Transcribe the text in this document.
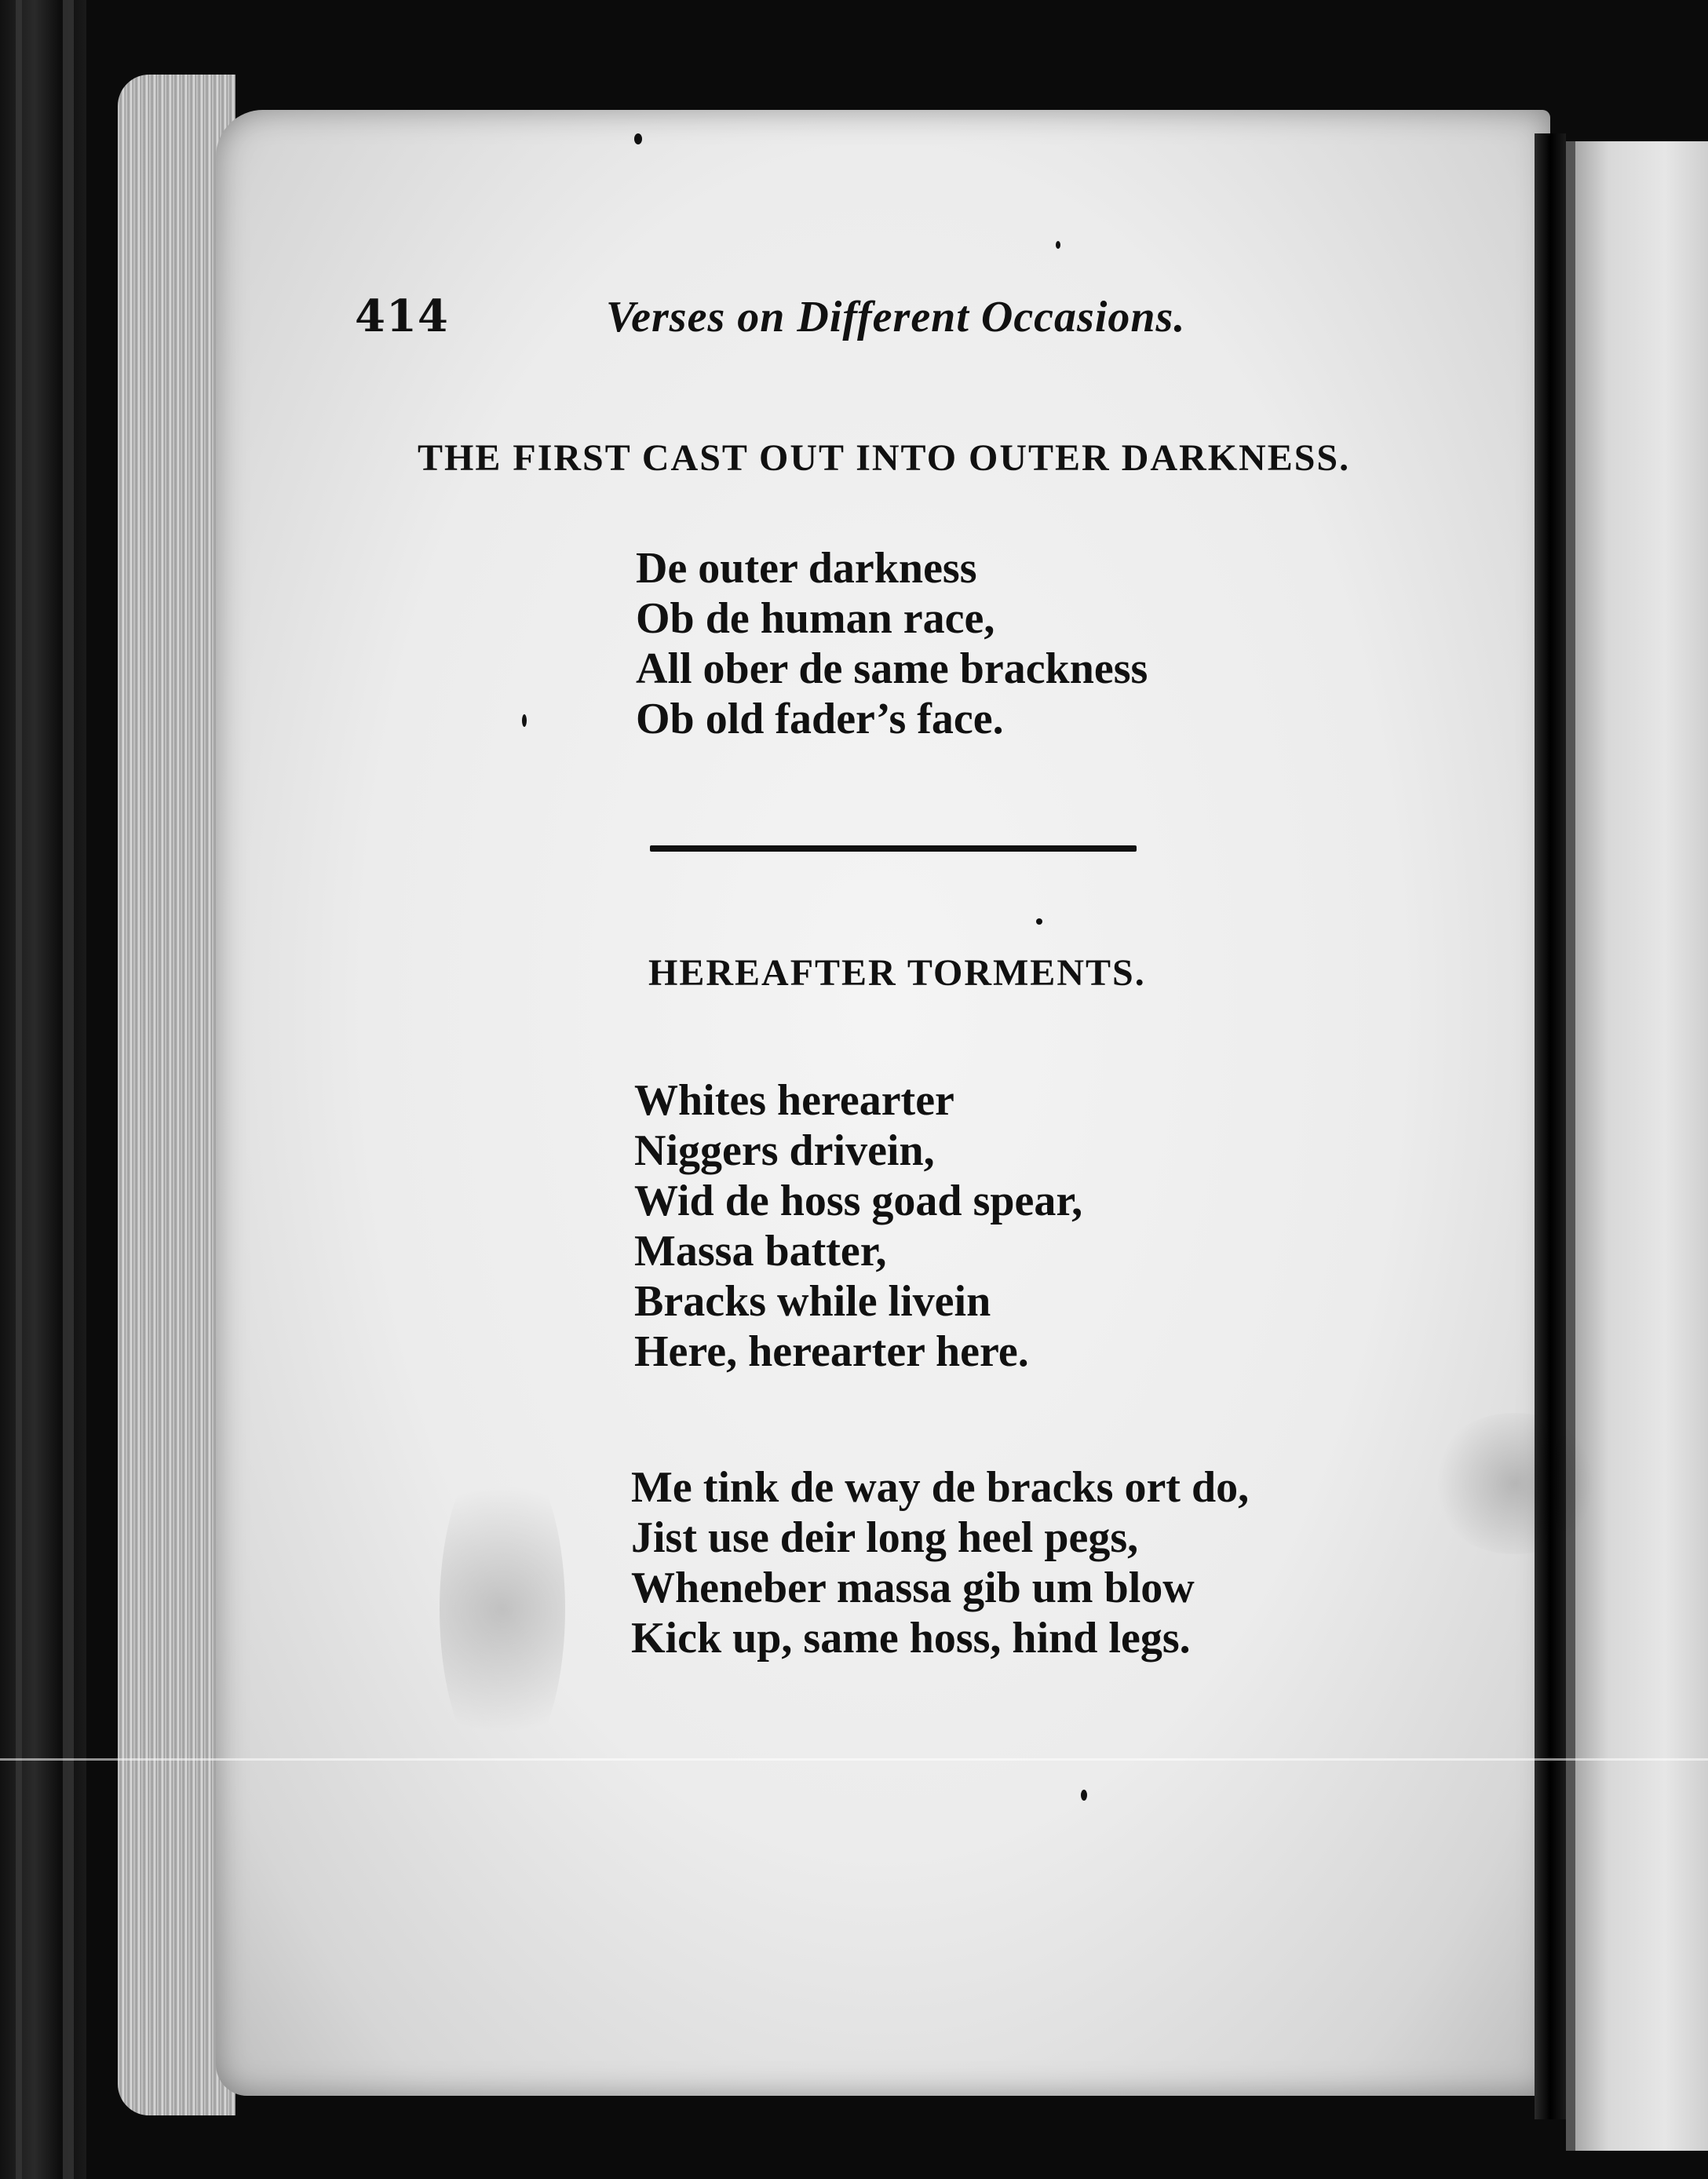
414	Verses on Different Occasions.
THE FIRST CAST OUT INTO OUTER DARKNESS.
De outer darkness
Ob de human race,
All ober de same brackness
Ob old fader’s face.
HEREAFTER TORMENTS.
Whites herearter
Niggers drivein,
Wid de hoss goad spear,
Massa batter,
Bracks while livein
Here, herearter here.
Me tink de way de bracks ort do,
Jist use deir long heel pegs,
Wheneber massa gib um blow
Kick up, same hoss, hind legs.
